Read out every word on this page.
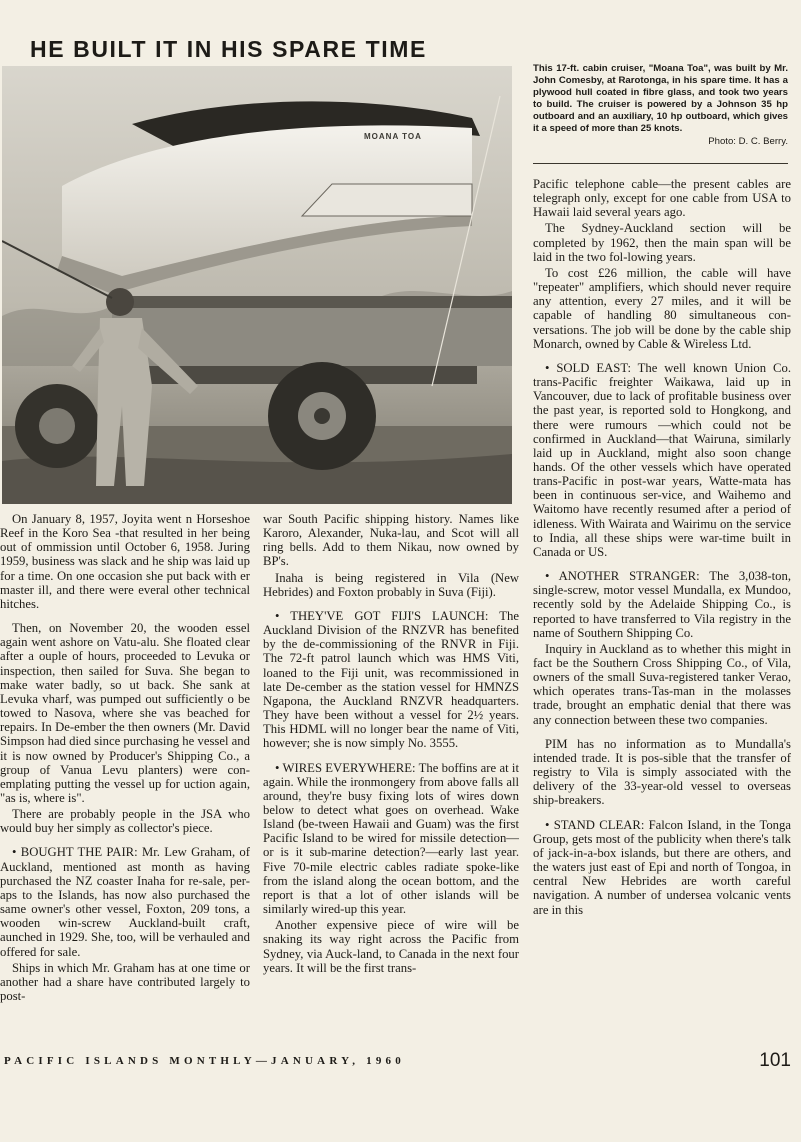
HE BUILT IT IN HIS SPARE TIME
MOANA TOA
This 17-ft. cabin cruiser, "Moana Toa", was built by Mr. John Comesby, at Rarotonga, in his spare time. It has a plywood hull coated in fibre glass, and took two years to build. The cruiser is powered by a Johnson 35 hp outboard and an auxiliary, 10 hp outboard, which gives it a speed of more than 25 knots.
Photo: D. C. Berry.

On January 8, 1957, Joyita went n Horseshoe Reef in the Koro Sea -that resulted in her being out of ommission until October 6, 1958. Juring 1959, business was slack and he ship was laid up for a time. On one occasion she put back with er master ill, and there were everal other technical hitches.

Then, on November 20, the wooden essel again went ashore on Vatu-alu. She floated clear after a ouple of hours, proceeded to Levuka or inspection, then sailed for Suva. She began to make water badly, so ut back. She sank at Levuka vharf, was pumped out sufficiently o be towed to Nasova, where she vas beached for repairs. In De-ember the then owners (Mr. David Simpson had died since purchasing he vessel and it is now owned by Producer's Shipping Co., a group of Vanua Levu planters) were con-emplating putting the vessel up for uction again, "as is, where is".

There are probably people in the JSA who would buy her simply as collector's piece.

• BOUGHT THE PAIR: Mr. Lew Graham, of Auckland, mentioned ast month as having purchased the NZ coaster Inaha for re-sale, per-aps to the Islands, has now also purchased the same owner's other vessel, Foxton, 209 tons, a wooden win-screw Auckland-built craft, aunched in 1929. She, too, will be verhauled and offered for sale.

Ships in which Mr. Graham has at one time or another had a share have contributed largely to post-

war South Pacific shipping history. Names like Karoro, Alexander, Nuka-lau, and Scot will all ring bells. Add to them Nikau, now owned by BP's.

Inaha is being registered in Vila (New Hebrides) and Foxton probably in Suva (Fiji).

• THEY'VE GOT FIJI'S LAUNCH: The Auckland Division of the RNZVR has benefited by the de-commissioning of the RNVR in Fiji. The 72-ft patrol launch which was HMS Viti, loaned to the Fiji unit, was recommissioned in late De-cember as the station vessel for HMNZS Ngapona, the Auckland RNZVR headquarters. They have been without a vessel for 2½ years. This HDML will no longer bear the name of Viti, however; she is now simply No. 3555.

• WIRES EVERYWHERE: The boffins are at it again. While the ironmongery from above falls all around, they're busy fixing lots of wires down below to detect what goes on overhead. Wake Island (be-tween Hawaii and Guam) was the first Pacific Island to be wired for missile detection—or is it sub-marine detection?—early last year. Five 70-mile electric cables radiate spoke-like from the island along the ocean bottom, and the report is that a lot of other islands will be similarly wired-up this year.

Another expensive piece of wire will be snaking its way right across the Pacific from Sydney, via Auck-land, to Canada in the next four years. It will be the first trans-

Pacific telephone cable—the present cables are telegraph only, except for one cable from USA to Hawaii laid several years ago.

The Sydney-Auckland section will be completed by 1962, then the main span will be laid in the two fol-lowing years.

To cost £26 million, the cable will have "repeater" amplifiers, which should never require any attention, every 27 miles, and it will be capable of handling 80 simultaneous con-versations. The job will be done by the cable ship Monarch, owned by Cable & Wireless Ltd.

• SOLD EAST: The well known Union Co. trans-Pacific freighter Waikawa, laid up in Vancouver, due to lack of profitable business over the past year, is reported sold to Hongkong, and there were rumours —which could not be confirmed in Auckland—that Wairuna, similarly laid up in Auckland, might also soon change hands. Of the other vessels which have operated trans-Pacific in post-war years, Watte-mata has been in continuous ser-vice, and Waihemo and Waitomo have recently resumed after a period of idleness. With Wairata and Wairimu on the service to India, all these ships were war-time built in Canada or US.

• ANOTHER STRANGER: The 3,038-ton, single-screw, motor vessel Mundalla, ex Mundoo, recently sold by the Adelaide Shipping Co., is reported to have transferred to Vila registry in the name of Southern Shipping Co.

Inquiry in Auckland as to whether this might in fact be the Southern Cross Shipping Co., of Vila, owners of the small Suva-registered tanker Verao, which operates trans-Tas-man in the molasses trade, brought an emphatic denial that there was any connection between these two companies.

PIM has no information as to Mundalla's intended trade. It is pos-sible that the transfer of registry to Vila is simply associated with the delivery of the 33-year-old vessel to overseas ship-breakers.

• STAND CLEAR: Falcon Island, in the Tonga Group, gets most of the publicity when there's talk of jack-in-a-box islands, but there are others, and the waters just east of Epi and north of Tongoa, in central New Hebrides are worth careful navigation. A number of undersea volcanic vents are in this

PACIFIC ISLANDS MONTHLY—JANUARY, 1960	101
